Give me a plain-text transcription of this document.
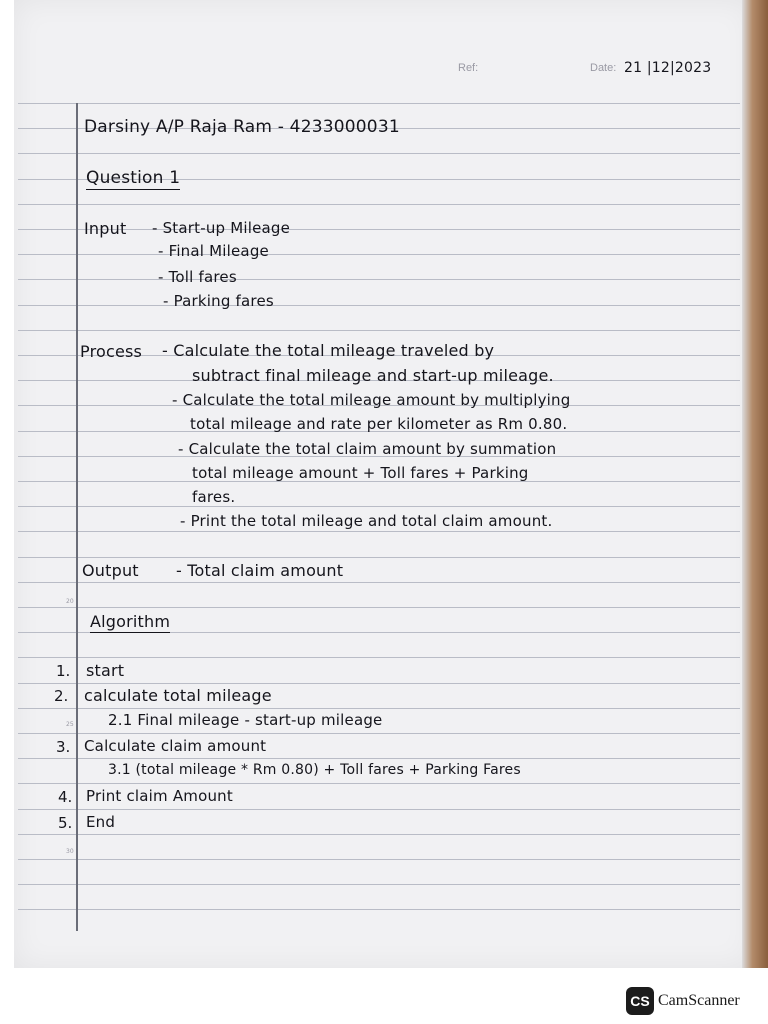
Ref:	Date: 21 |12|2023
Darsiny A/P Raja Ram - 4233000031
Question 1
Input - Start-up Mileage
- Final Mileage
- Toll fares
- Parking fares
Process - Calculate the total mileage traveled by
subtract final mileage and start-up mileage.
- Calculate the total mileage amount by multiplying
total mileage and rate per kilometer as Rm 0.80.
- Calculate the total claim amount by summation
total mileage amount + Toll fares + Parking
fares.
- Print the total mileage and total claim amount.
Output - Total claim amount
Algorithm
1. start
2. calculate total mileage
2.1 Final mileage - start-up mileage
3. Calculate claim amount
3.1 (total mileage * Rm 0.80) + Toll fares + Parking Fares
4. Print claim Amount
5. End
20
25
30
CS CamScanner
